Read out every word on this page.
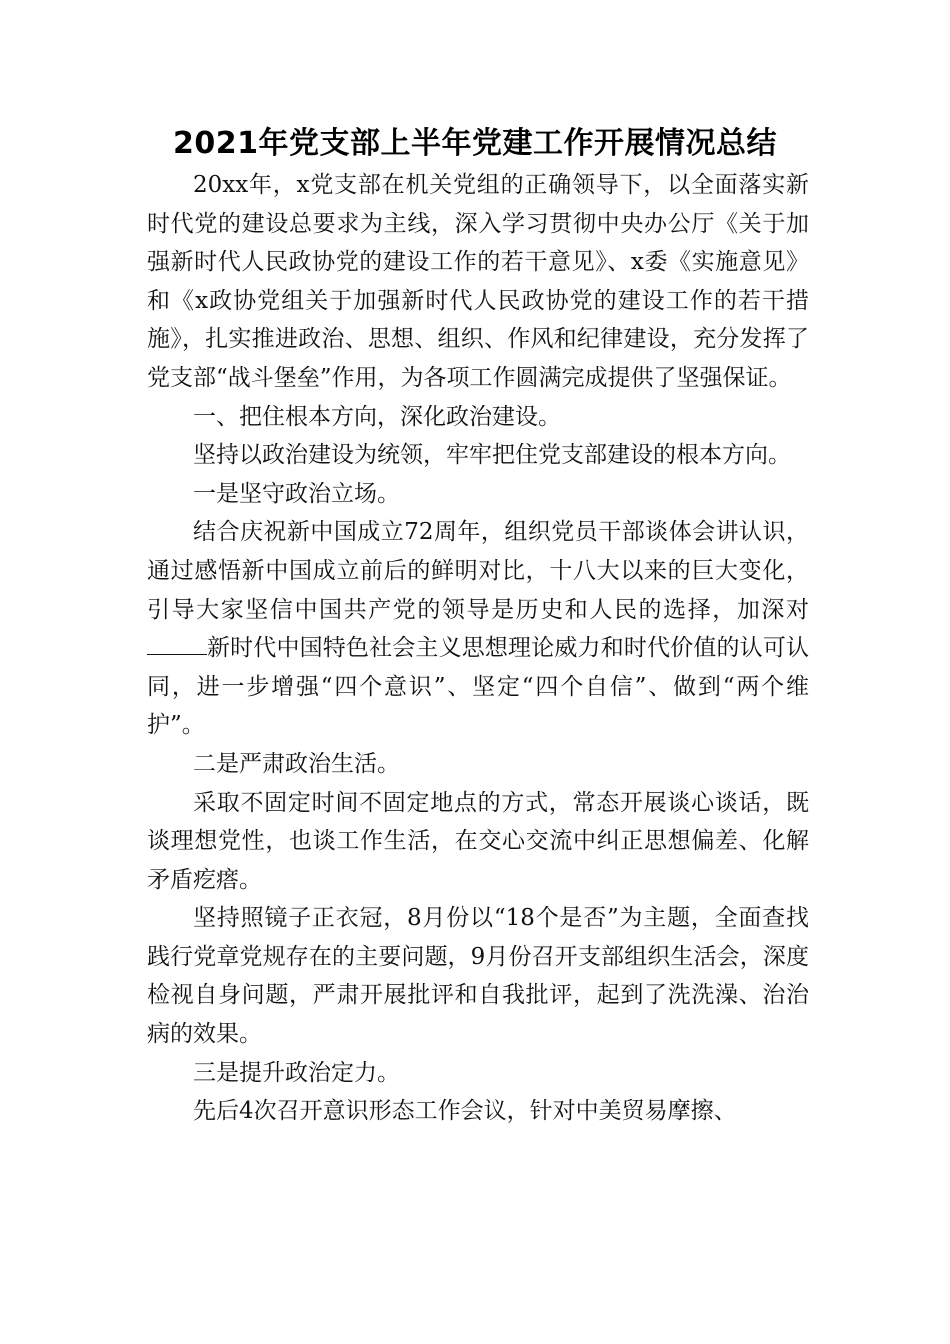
2021年党支部上半年党建工作开展情况总结

20xx年，x党支部在机关党组的正确领导下，以全面落实新时代党的建设总要求为主线，深入学习贯彻中央办公厅《关于加强新时代人民政协党的建设工作的若干意见》、x委《实施意见》和《x政协党组关于加强新时代人民政协党的建设工作的若干措施》，扎实推进政治、思想、组织、作风和纪律建设，充分发挥了党支部“战斗堡垒”作用，为各项工作圆满完成提供了坚强保证。

一、把住根本方向，深化政治建设。

坚持以政治建设为统领，牢牢把住党支部建设的根本方向。

一是坚守政治立场。

结合庆祝新中国成立72周年，组织党员干部谈体会讲认识，通过感悟新中国成立前后的鲜明对比，十八大以来的巨大变化，引导大家坚信中国共产党的领导是历史和人民的选择，加深对新时代中国特色社会主义思想理论威力和时代价值的认可认同，进一步增强“四个意识”、坚定“四个自信”、做到“两个维护”。

二是严肃政治生活。

采取不固定时间不固定地点的方式，常态开展谈心谈话，既谈理想党性，也谈工作生活，在交心交流中纠正思想偏差、化解矛盾疙瘩。

坚持照镜子正衣冠，8月份以“18个是否”为主题，全面查找践行党章党规存在的主要问题，9月份召开支部组织生活会，深度检视自身问题，严肃开展批评和自我批评，起到了洗洗澡、治治病的效果。

三是提升政治定力。

先后4次召开意识形态工作会议，针对中美贸易摩擦、
